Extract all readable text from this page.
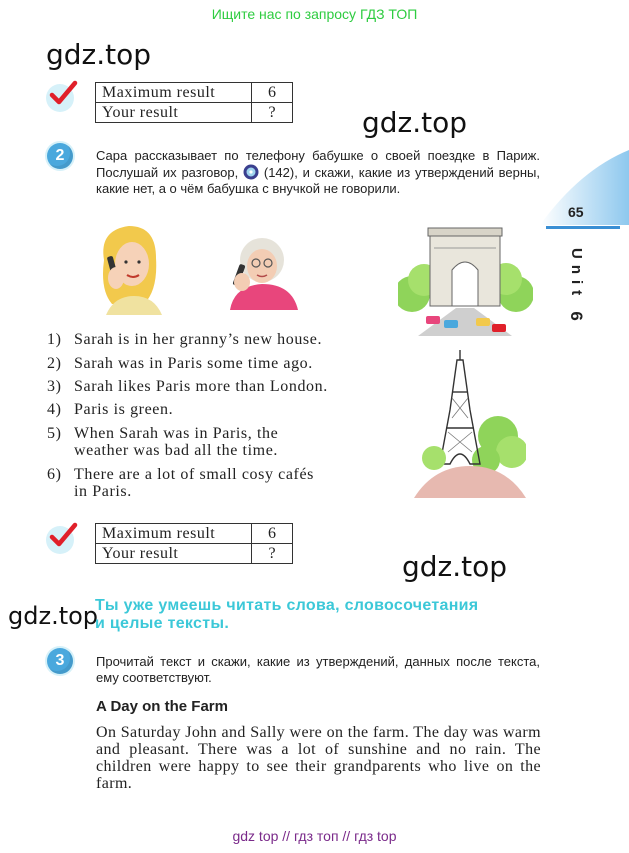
Ищите нас по запросу ГДЗ ТОП
gdz.top
gdz.top
gdz.top
gdz.top
Maximum result	6
Your result	?
2	Сара рассказывает по телефону бабушке о своей поездке в Париж. Послушай их разговор, (142), и скажи, какие из утверждений верны, какие нет, а о чём бабушка с внучкой не говорили.
65
Unit 6
1) Sarah is in her granny’s new house.
2) Sarah was in Paris some time ago.
3) Sarah likes Paris more than London.
4) Paris is green.
5) When Sarah was in Paris, the
weather was bad all the time.
6) There are a lot of small cosy cafés
in Paris.
Maximum result	6
Your result	?
Ты уже умеешь читать слова, словосочетания
и целые тексты.
3	Прочитай текст и скажи, какие из утверждений, данных после текста, ему соответствуют.
A Day on the Farm
On Saturday John and Sally were on the farm. The day was warm and pleasant. There was a lot of sunshine and no rain. The children were happy to see their grandparents who live on the farm.
gdz top // гдз топ // гдз top
